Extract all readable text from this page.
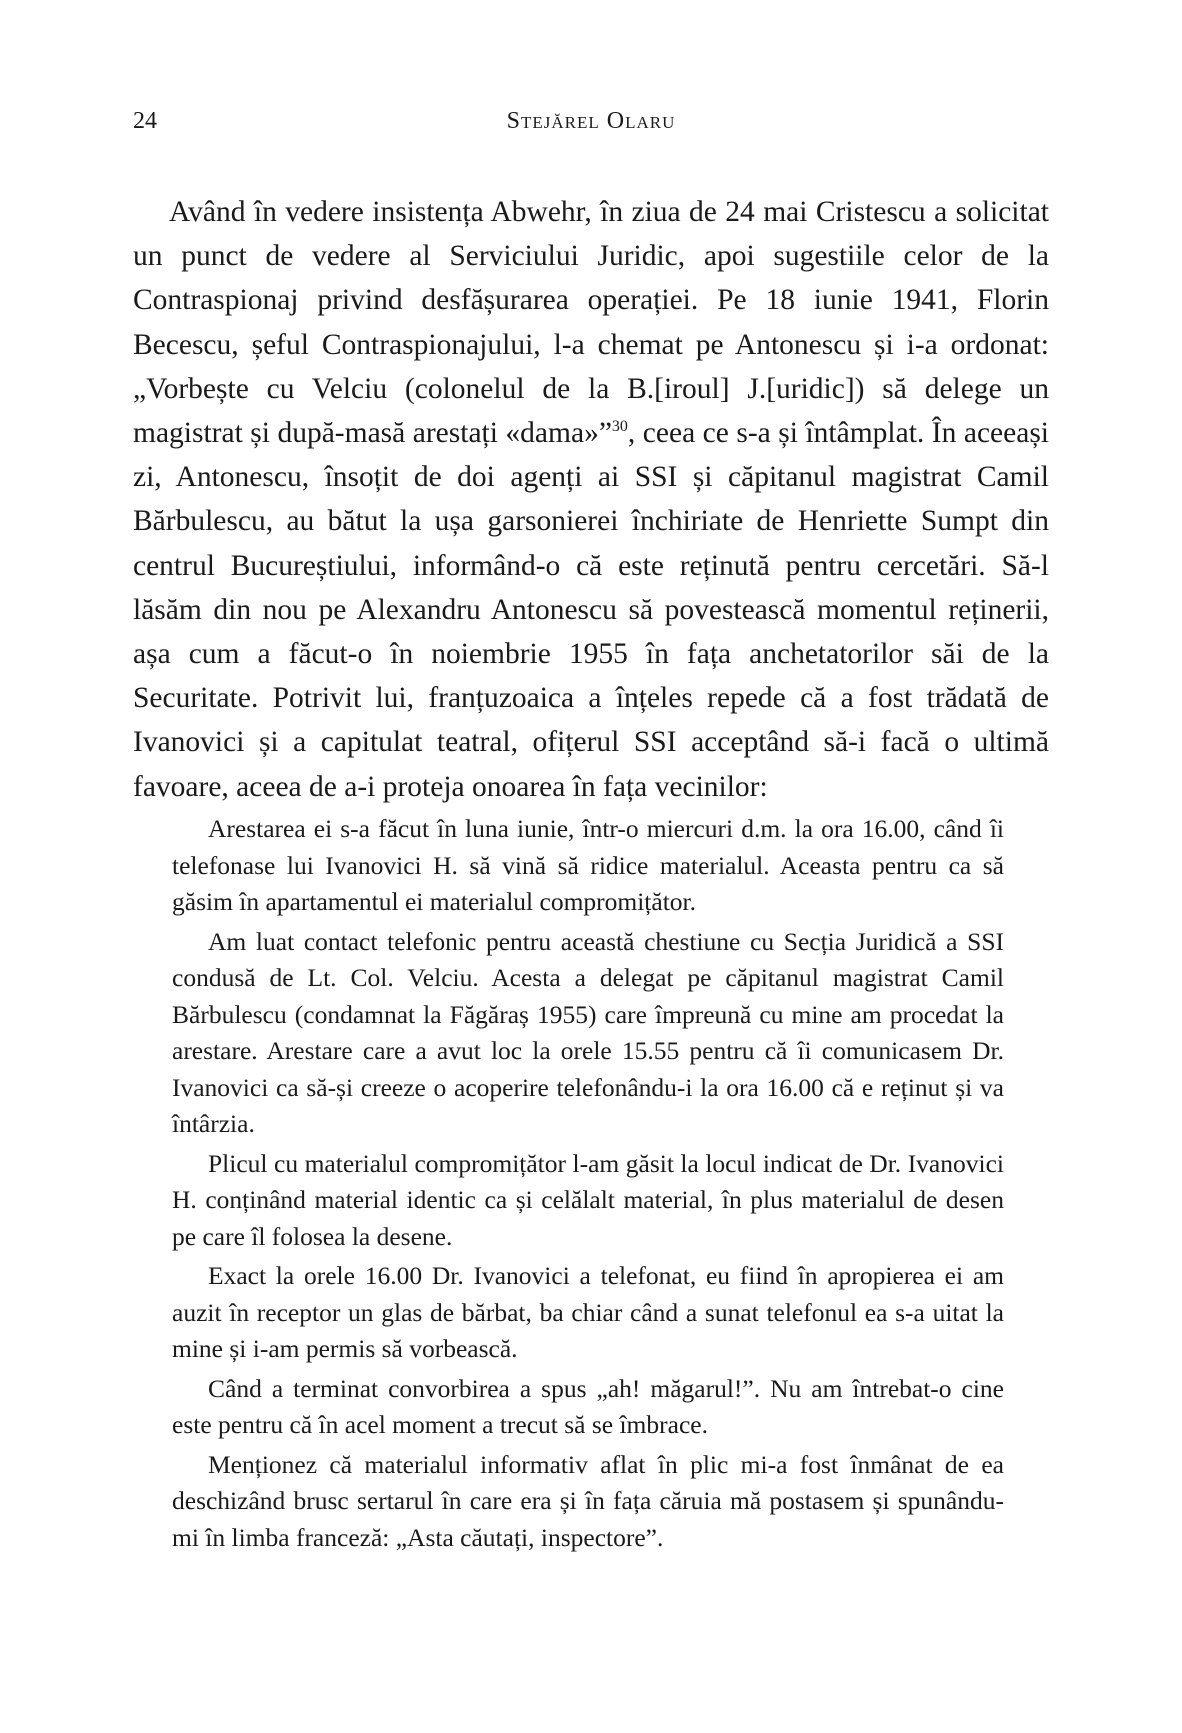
24	Stejărel Olaru

Având în vedere insistența Abwehr, în ziua de 24 mai Cristescu a solicitat un punct de vedere al Serviciului Juridic, apoi sugestiile celor de la Contraspionaj privind desfășurarea operației. Pe 18 iunie 1941, Florin Becescu, șeful Contraspionajului, l-a chemat pe Antonescu și i-a ordonat: „Vorbește cu Velciu (colonelul de la B.[iroul] J.[uridic]) să delege un magistrat și după-masă arestați «dama»”$^{30}$, ceea ce s-a și întâmplat. În aceeași zi, Antonescu, însoțit de doi agenți ai SSI și căpitanul magistrat Camil Bărbulescu, au bătut la ușa garsonierei închiriate de Henriette Sumpt din centrul Bucureștiului, informând-o că este reținută pentru cercetări. Să-l lăsăm din nou pe Alexandru Antonescu să povestească momentul reținerii, așa cum a făcut-o în noiembrie 1955 în fața anchetatorilor săi de la Securitate. Potrivit lui, franțuzoaica a înțeles repede că a fost trădată de Ivanovici și a capitulat teatral, ofițerul SSI acceptând să-i facă o ultimă favoare, aceea de a-i proteja onoarea în fața vecinilor:

Arestarea ei s-a făcut în luna iunie, într-o miercuri d.m. la ora 16.00, când îi telefonase lui Ivanovici H. să vină să ridice materialul. Aceasta pentru ca să găsim în apartamentul ei materialul compromițător.

Am luat contact telefonic pentru această chestiune cu Secția Juridică a SSI condusă de Lt. Col. Velciu. Acesta a delegat pe căpitanul magistrat Camil Bărbulescu (condamnat la Făgăraș 1955) care împreună cu mine am procedat la arestare. Arestare care a avut loc la orele 15.55 pentru că îi comunicasem Dr. Ivanovici ca să-și creeze o acoperire telefonându-i la ora 16.00 că e reținut și va întârzia.

Plicul cu materialul compromițător l-am găsit la locul indicat de Dr. Ivanovici H. conținând material identic ca și celălalt material, în plus materialul de desen pe care îl folosea la desene.

Exact la orele 16.00 Dr. Ivanovici a telefonat, eu fiind în apropierea ei am auzit în receptor un glas de bărbat, ba chiar când a sunat telefonul ea s-a uitat la mine și i-am permis să vorbească.

Când a terminat convorbirea a spus „ah! măgarul!”. Nu am întrebat-o cine este pentru că în acel moment a trecut să se îmbrace.

Menționez că materialul informativ aflat în plic mi-a fost înmânat de ea deschizând brusc sertarul în care era și în fața căruia mă postasem și spunându-mi în limba franceză: „Asta căutați, inspectore”.
